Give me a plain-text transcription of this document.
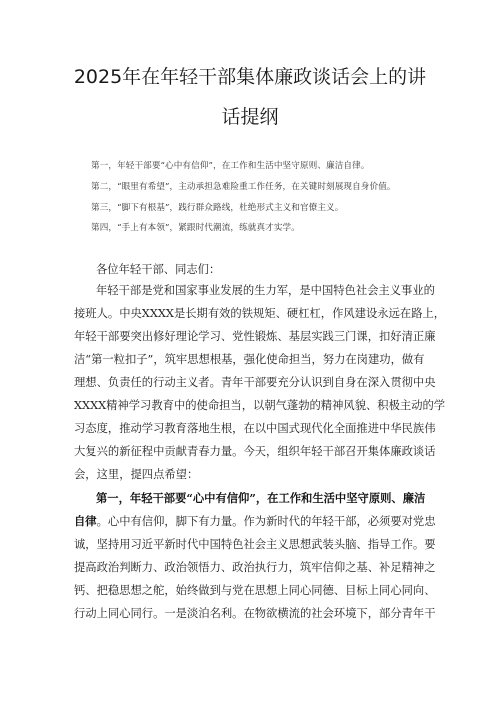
2025年在年轻干部集体廉政谈话会上的讲
话提纲
第一，年轻干部要“心中有信仰”，在工作和生活中坚守原则、廉洁自律。
第二，“眼里有希望”，主动承担急难险重工作任务，在关键时刻展现自身价值。
第三，“脚下有根基”，践行群众路线，杜绝形式主义和官僚主义。
第四，“手上有本领”，紧跟时代潮流，练就真才实学。
各位年轻干部、同志们：
年轻干部是党和国家事业发展的生力军，是中国特色社会主义事业的
接班人。中央XXXX是长期有效的铁规矩、硬杠杠，作风建设永远在路上，
年轻干部要突出修好理论学习、党性锻炼、基层实践三门课，扣好清正廉
洁“第一粒扣子”，筑牢思想根基，强化使命担当，努力在岗建功，做有
理想、负责任的行动主义者。青年干部要充分认识到自身在深入贯彻中央
XXXX精神学习教育中的使命担当，以朝气蓬勃的精神风貌、积极主动的学
习态度，推动学习教育落地生根，在以中国式现代化全面推进中华民族伟
大复兴的新征程中贡献青春力量。今天，组织年轻干部召开集体廉政谈话
会，这里，提四点希望：
第一，年轻干部要“心中有信仰”，在工作和生活中坚守原则、廉洁
自律。心中有信仰，脚下有力量。作为新时代的年轻干部，必须要对党忠
诚，坚持用习近平新时代中国特色社会主义思想武装头脑、指导工作。要
提高政治判断力、政治领悟力、政治执行力，筑牢信仰之基、补足精神之
钙、把稳思想之舵，始终做到与党在思想上同心同德、目标上同心同向、
行动上同心同行。一是淡泊名利。在物欲横流的社会环境下，部分青年干
